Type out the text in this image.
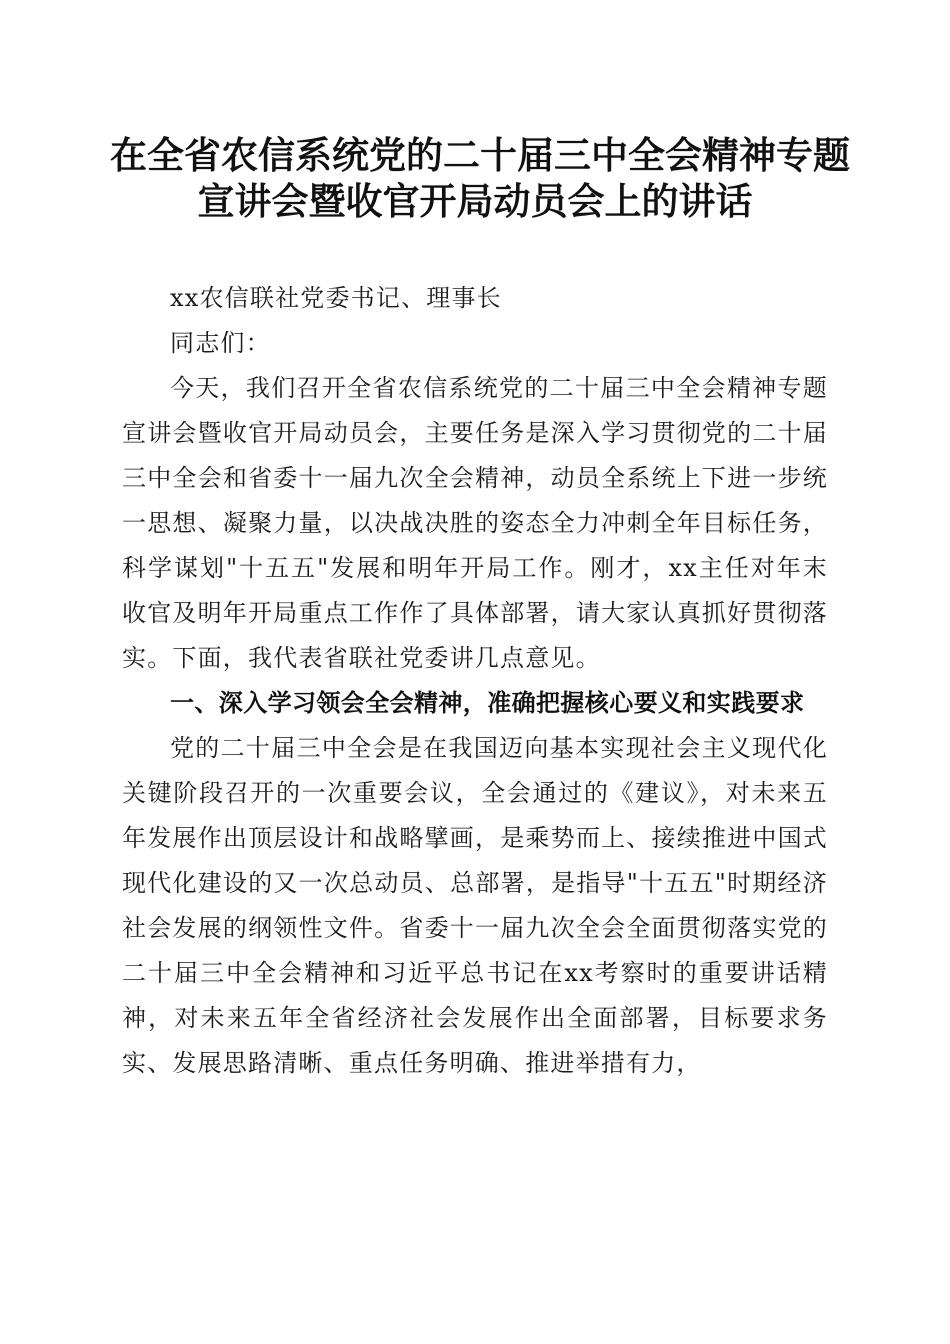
在全省农信系统党的二十届三中全会精神专题
宣讲会暨收官开局动员会上的讲话

xx农信联社党委书记、理事长

同志们：

今天，我们召开全省农信系统党的二十届三中全会精神专题宣讲会暨收官开局动员会，主要任务是深入学习贯彻党的二十届三中全会和省委十一届九次全会精神，动员全系统上下进一步统一思想、凝聚力量，以决战决胜的姿态全力冲刺全年目标任务，科学谋划"十五五"发展和明年开局工作。刚才，xx主任对年末收官及明年开局重点工作作了具体部署，请大家认真抓好贯彻落实。下面，我代表省联社党委讲几点意见。

一、深入学习领会全会精神，准确把握核心要义和实践要求

党的二十届三中全会是在我国迈向基本实现社会主义现代化关键阶段召开的一次重要会议，全会通过的《建议》，对未来五年发展作出顶层设计和战略擘画，是乘势而上、接续推进中国式现代化建设的又一次总动员、总部署，是指导"十五五"时期经济社会发展的纲领性文件。省委十一届九次全会全面贯彻落实党的二十届三中全会精神和习近平总书记在xx考察时的重要讲话精神，对未来五年全省经济社会发展作出全面部署，目标要求务实、发展思路清晰、重点任务明确、推进举措有力，
